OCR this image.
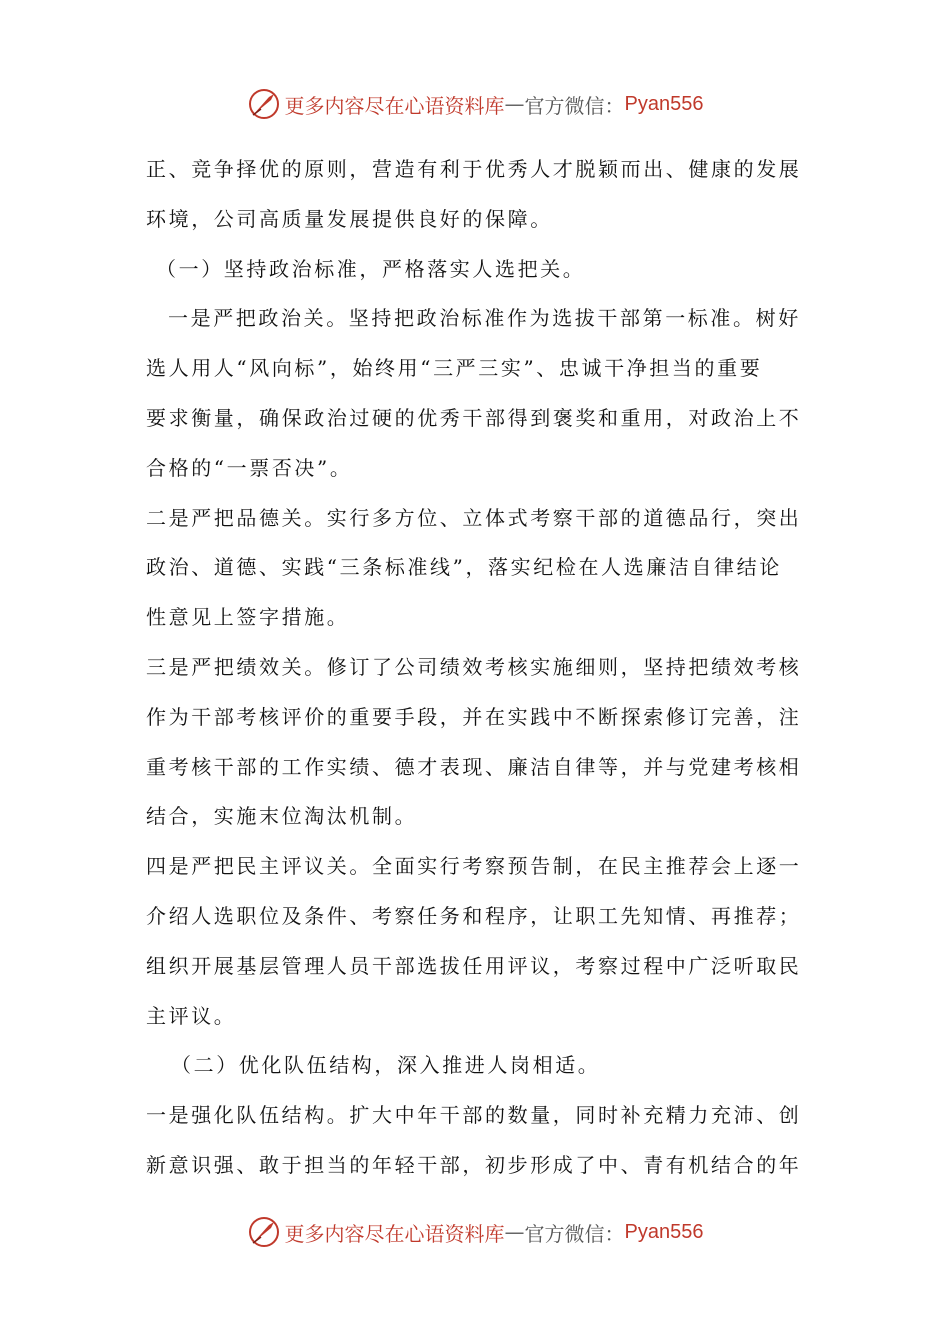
更多内容尽在心语资料库 — 官方微信： Pyan556
正、竞争择优的原则，营造有利于优秀人才脱颖而出、健康的发展
环境，公司高质量发展提供良好的保障。
（一）坚持政治标准，严格落实人选把关。
一是严把政治关。坚持把政治标准作为选拔干部第一标准。树好
选人用人“风向标”，始终用“三严三实”、忠诚干净担当的重要
要求衡量，确保政治过硬的优秀干部得到褒奖和重用，对政治上不
合格的“一票否决”。
二是严把品德关。实行多方位、立体式考察干部的道德品行，突出
政治、道德、实践“三条标准线”，落实纪检在人选廉洁自律结论
性意见上签字措施。
三是严把绩效关。修订了公司绩效考核实施细则，坚持把绩效考核
作为干部考核评价的重要手段，并在实践中不断探索修订完善，注
重考核干部的工作实绩、德才表现、廉洁自律等，并与党建考核相
结合，实施末位淘汰机制。
四是严把民主评议关。全面实行考察预告制，在民主推荐会上逐一
介绍人选职位及条件、考察任务和程序，让职工先知情、再推荐；
组织开展基层管理人员干部选拔任用评议，考察过程中广泛听取民
主评议。
（二）优化队伍结构，深入推进人岗相适。
一是强化队伍结构。扩大中年干部的数量，同时补充精力充沛、创
新意识强、敢于担当的年轻干部，初步形成了中、青有机结合的年
更多内容尽在心语资料库 — 官方微信： Pyan556
